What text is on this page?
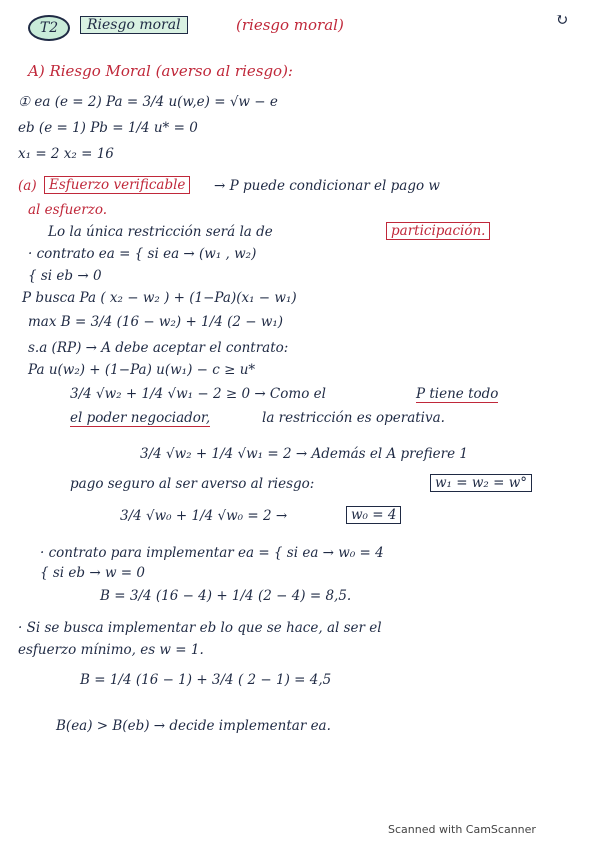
T2	Riesgo moral	(riesgo moral)	↻
A) Riesgo Moral (averso al riesgo):
① ea (e = 2) Pa = 3/4 u(w,e) = √w − e
eb (e = 1) Pb = 1/4 u* = 0
x₁ = 2 x₂ = 16
(a) Esfuerzo verificable	→ P puede condicionar el pago w
al esfuerzo.
Lo la única restricción será la de	participación.
· contrato ea = { si ea → (w₁ , w₂)
{ si eb → 0
P busca Pa ( x₂ − w₂ ) + (1−Pa)(x₁ − w₁)
max B = 3/4 (16 − w₂) + 1/4 (2 − w₁)
s.a (RP) → A debe aceptar el contrato:
Pa u(w₂) + (1−Pa) u(w₁) − c ≥ u*
3/4 √w₂ + 1/4 √w₁ − 2 ≥ 0 → Como el	P tiene todo
el poder negociador,	la restricción es operativa.
3/4 √w₂ + 1/4 √w₁ = 2 → Además el A prefiere 1
pago seguro al ser averso al riesgo:	w₁ = w₂ = w°
3/4 √w₀ + 1/4 √w₀ = 2 →	w₀ = 4
· contrato para implementar ea = { si ea → w₀ = 4
{ si eb → w = 0
B = 3/4 (16 − 4) + 1/4 (2 − 4) = 8,5.
· Si se busca implementar eb lo que se hace, al ser el
esfuerzo mínimo, es w = 1.
B = 1/4 (16 − 1) + 3/4 ( 2 − 1) = 4,5
B(ea) > B(eb) → decide implementar ea.
Scanned with CamScanner
